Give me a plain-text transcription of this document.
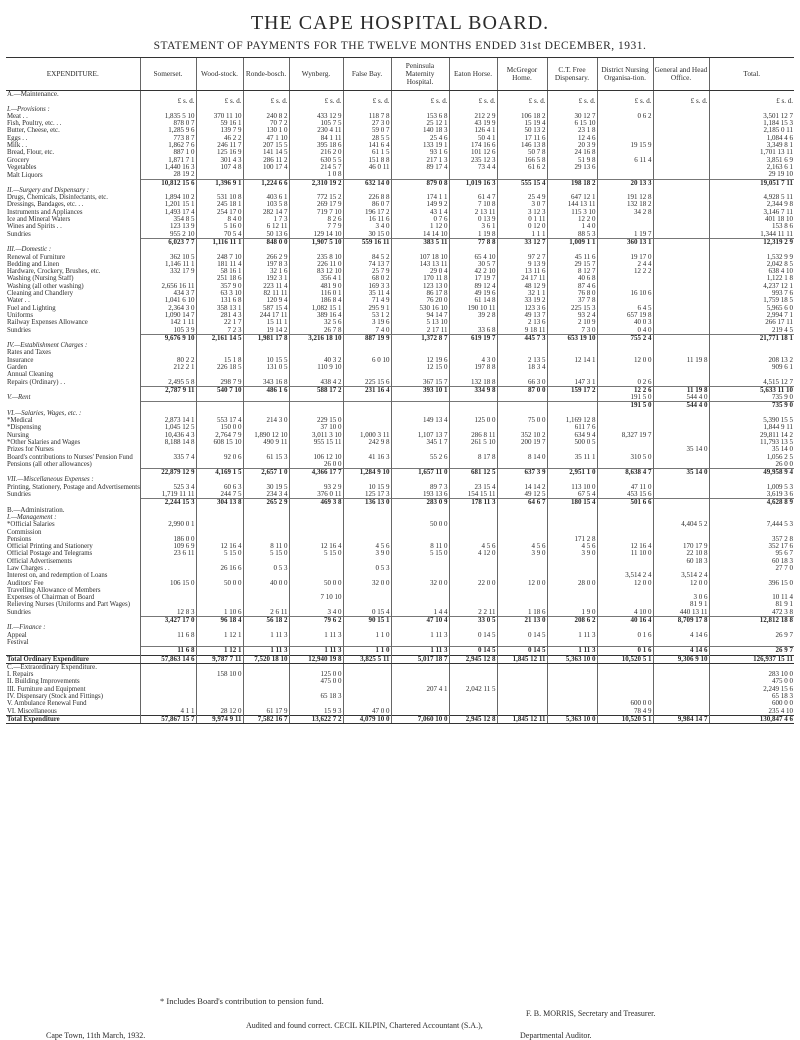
THE CAPE HOSPITAL BOARD.
STATEMENT OF PAYMENTS FOR THE TWELVE MONTHS ENDED 31st DECEMBER, 1931.
EXPENDITURE.	Somerset.	Wood-stock.	Ronde-bosch.	Wynberg.	False Bay.	Peninsula Maternity Hospital.	Eaton Horse.	McGregor Home.	C.T. Free Dispensary.	District Nursing Organisa-tion.	General and Head Office.	Total.
A.—Maintenance.												
	£ s. d.	£ s. d.	£ s. d.	£ s. d.	£ s. d.	£ s. d.	£ s. d.	£ s. d.	£ s. d.	£ s. d.	£ s. d.	£ s. d.
I.—Provisions :												
Meat . .	1,835 5 10	370 11 10	240 8 2	433 12 9	118 7 8	153 6 8	212 2 9	106 18 2	30 12 7	0 6 2		3,501 12 7
Fish, Poultry, etc. . .	878 0 7	59 16 1	70 7 2	105 7 5	27 3 0	25 12 1	43 19 9	15 19 4	6 15 10			1,184 15 3
Butter, Cheese, etc.	1,285 9 6	139 7 9	130 1 0	230 4 11	59 0 7	140 18 3	126 4 1	50 13 2	23 1 8			2,185 0 11
Eggs . .	773 8 7	46 2 2	47 1 10	84 1 11	28 5 5	25 4 6	50 4 1	17 11 6	12 4 6			1,084 4 6
Milk . .	1,862 7 6	246 11 7	207 15 5	395 18 6	141 6 4	133 19 1	174 16 6	146 13 8	20 3 9	19 15 9		3,349 8 1
Bread, Flour, etc.	887 1 0	125 16 9	141 14 5	216 2 0	61 1 5	93 1 6	101 12 6	50 7 8	24 16 8			1,701 13 11
Grocery	1,871 7 1	301 4 3	286 11 2	630 5 5	151 8 8	217 1 3	235 12 3	166 5 8	51 9 8	6 11 4		3,851 6 9
Vegetables	1,440 16 3	107 4 8	100 17 4	214 5 7	46 0 11	89 17 4	73 4 4	61 6 2	29 13 6			2,163 6 1
Malt Liquors	28 19 2			1 0 8								29 19 10
	10,812 15 6	1,396 9 1	1,224 6 6	2,310 19 2	632 14 0	879 0 8	1,019 16 3	555 15 4	198 18 2	20 13 3		19,051 7 11
II.—Surgery and Dispensary :												
Drugs, Chemicals, Disinfectants, etc.	1,894 10 2	531 10 8	403 6 1	772 15 2	226 8 8	174 1 1	61 4 7	25 4 9	647 12 1	191 12 8		4,928 5 11
Dressings, Bandages, etc. . .	1,201 15 1	245 18 1	103 5 8	269 17 9	86 0 7	149 9 2	7 10 8	3 0 7	144 13 11	132 18 2		2,344 9 8
Instruments and Appliances	1,493 17 4	254 17 0	282 14 7	719 7 10	196 17 2	43 1 4	2 13 11	3 12 3	115 3 10	34 2 8		3,146 7 11
Ice and Mineral Waters	354 8 5	8 4 0	1 7 3	8 2 6	16 11 6	0 7 6	0 13 9	0 1 11	12 2 0			401 18 10
Wines and Spirits . .	123 13 9	5 16 0	6 12 11	7 7 9	3 4 0	1 12 0	3 6 1	0 12 0	1 4 0			153 8 6
Sundries	955 2 10	70 5 4	50 13 6	129 14 10	30 15 0	14 14 10	1 19 8	1 1 1	88 5 3	1 19 7		1,344 11 11
	6,023 7 7	1,116 11 1	848 0 0	1,907 5 10	559 16 11	383 5 11	77 8 8	33 12 7	1,009 1 1	360 13 1		12,319 2 9
III.—Domestic :												
Renewal of Furniture	362 10 5	248 7 10	266 2 9	235 8 10	84 5 2	107 18 10	65 4 10	97 2 7	45 11 6	19 17 0		1,532 9 9
Bedding and Linen	1,146 11 1	181 11 4	197 8 3	226 11 0	74 13 7	143 13 11	30 5 7	9 13 9	29 15 7	2 4 4		2,042 8 5
Hardware, Crockery, Brushes, etc.	332 17 9	58 16 1	32 1 6	83 12 10	25 7 9	29 0 4	42 2 10	13 11 6	8 12 7	12 2 2		638 4 10
Washing (Nursing Staff)		251 18 6	192 3 1	356 4 1	68 0 2	170 11 8	17 19 7	24 17 11	40 6 8			1,122 1 8
Washing (all other washing)	2,656 16 11	357 9 0	223 11 4	481 9 0	169 3 3	123 13 0	89 12 4	48 12 9	87 4 6			4,237 12 1
Cleaning and Chandlery	434 3 7	63 3 10	82 11 11	116 0 1	35 11 4	86 17 8	49 19 6	32 1 1	76 8 0	16 10 6		993 7 6
Water . .	1,041 6 10	131 6 8	120 9 4	186 8 4	71 4 9	76 20 0	61 14 8	33 19 2	37 7 8			1,759 18 5
Fuel and Lighting	2,364 3 0	358 13 1	587 15 4	1,082 15 1	295 9 1	530 16 10	190 10 11	123 3 6	225 15 3	6 4 5		5,965 6 0
Uniforms	1,090 14 7	281 4 3	244 17 11	389 16 4	53 1 2	94 14 7	39 2 8	49 13 7	93 2 4	657 19 8		2,994 7 1
Railway Expenses Allowance	142 1 11	22 1 7	15 11 1	32 5 6	3 19 6	5 13 10		2 13 6	2 10 9	40 0 3		266 17 11
Sundries	105 3 9	7 2 3	19 14 2	26 7 8	7 4 0	2 17 11	33 6 8	9 18 11	7 3 0	0 4 0		219 4 5
	9,676 9 10	2,161 14 5	1,981 17 8	3,216 18 10	887 19 9	1,372 8 7	619 19 7	445 7 3	653 19 10	755 2 4		21,771 18 1
IV.—Establishment Charges :												
Rates and Taxes												
Insurance	80 2 2	15 1 8	10 15 5	40 3 2	6 0 10	12 19 6	4 3 0	2 13 5	12 14 1	12 0 0	11 19 8	208 13 2
Garden	212 2 1	226 18 5	131 0 5	110 9 10		12 15 0	197 8 8	18 3 4				909 6 1
Annual Cleaning												
Repairs (Ordinary) . .	2,495 5 8	298 7 9	343 16 8	438 4 2	225 15 6	367 15 7	132 18 8	66 3 0	147 3 1	0 2 6		4,515 12 7
	2,787 9 11	540 7 10	486 1 6	588 17 2	231 16 4	393 10 1	334 9 8	87 0 0	159 17 2	12 2 6	11 19 8	5,633 11 10
V.—Rent										191 5 0	544 4 0	735 9 0
										191 5 0	544 4 0	735 9 0
VI.—Salaries, Wages, etc. :												
*Medical	2,873 14 1	553 17 4	214 3 0	229 15 0		149 13 4	125 0 0	75 0 0	1,169 12 8			5,390 15 5
*Dispensing	1,045 12 5	150 0 0		37 10 0					611 7 6			1,844 9 11
Nursing	10,436 4 3	2,764 7 9	1,890 12 10	3,011 3 10	1,000 3 11	1,107 13 7	286 8 11	352 10 2	634 9 4	8,327 19 7		29,811 14 2
*Other Salaries and Wages	8,188 14 8	608 15 10	490 9 11	955 15 11	242 9 8	345 1 7	261 5 10	200 19 7	500 0 5			11,793 13 5
Prizes for Nurses											35 14 0	35 14 0
Board's contributions to Nurses' Pension Fund	335 7 4	92 0 6	61 15 3	106 12 10	41 16 3	55 2 6	8 17 8	8 14 0	35 11 1	310 5 0		1,056 2 5
Pensions (all other allowances)				26 0 0								26 0 0
	22,879 12 9	4,169 1 5	2,657 1 0	4,366 17 7	1,284 9 10	1,657 11 0	681 12 5	637 3 9	2,951 1 0	8,638 4 7	35 14 0	49,958 9 4
VII.—Miscellaneous Expenses :												
Printing, Stationery, Postage and Advertisements	525 3 4	60 6 3	30 19 5	93 2 9	10 15 9	89 7 3	23 15 4	14 14 2	113 10 0	47 11 0		1,009 5 3
Sundries	1,719 11 11	244 7 5	234 3 4	376 0 11	125 17 3	193 13 6	154 15 11	49 12 5	67 5 4	453 15 6		3,619 3 6
	2,244 15 3	304 13 8	265 2 9	469 3 8	136 13 0	283 0 9	178 11 3	64 6 7	180 15 4	501 6 6		4,628 8 9
B.—Administration.												
I.—Management :												
*Official Salaries	2,990 0 1					50 0 0					4,404 5 2	7,444 5 3
Commission												
Pensions	186 0 0								171 2 8			357 2 8
Official Printing and Stationery	109 6 9	12 16 4	8 11 0	12 16 4	4 5 6	8 11 0	4 5 6	4 5 6	4 5 6	12 16 4	170 17 9	352 17 6
Official Postage and Telegrams	23 6 11	5 15 0	5 15 0	5 15 0	3 9 0	5 15 0	4 12 0	3 9 0	3 9 0	11 10 0	22 10 8	95 6 7
Official Advertisements											60 18 3	60 18 3
Law Charges . .		26 16 6	0 5 3		0 5 3							27 7 0
Interest on, and redemption of Loans										3,514 2 4	3,514 2 4	
Auditors' Fee	106 15 0	50 0 0	40 0 0	50 0 0	32 0 0	32 0 0	22 0 0	12 0 0	28 0 0	12 0 0	12 0 0	396 15 0
Travelling Allowance of Members												
Expenses of Chairman of Board				7 10 10							3 0 6	10 11 4
Relieving Nurses (Uniforms and Part Wages)											81 9 1	81 9 1
Sundries	12 8 3	1 10 6	2 6 11	3 4 0	0 15 4	1 4 4	2 2 11	1 18 6	1 9 0	4 10 0	440 13 11	472 3 8
	3,427 17 0	96 18 4	56 18 2	79 6 2	90 15 1	47 10 4	33 0 5	21 13 0	208 6 2	40 16 4	8,709 17 8	12,812 18 8
II.—Finance :												
Appeal	11 6 8	1 12 1	1 11 3	1 11 3	1 1 0	1 11 3	0 14 5	0 14 5	1 11 3	0 1 6	4 14 6	26 9 7
Festival												
	11 6 8	1 12 1	1 11 3	1 11 3	1 1 0	1 11 3	0 14 5	0 14 5	1 11 3	0 1 6	4 14 6	26 9 7
Total Ordinary Expenditure	57,863 14 6	9,787 7 11	7,520 18 10	12,940 19 8	3,825 5 11	5,017 18 7	2,945 12 8	1,845 12 11	5,363 10 0	10,520 5 1	9,306 9 10	126,937 15 11
C.—Extraordinary Expenditure.												
I. Repairs		158 10 0		125 0 0								283 10 0
II. Building Improvements				475 0 0								475 0 0
III. Furniture and Equipment						207 4 1	2,042 11 5					2,249 15 6
IV. Dispensary (Stock and Fittings)				65 18 3								65 18 3
V. Ambulance Renewal Fund										600 0 0		600 0 0
VI. Miscellaneous	4 1 1	28 12 0	61 17 9	15 9 3	47 0 0					78 4 9		235 4 10
Total Expenditure	57,867 15 7	9,974 9 11	7,582 16 7	13,622 7 2	4,079 10 0	7,060 10 0	2,945 12 8	1,845 12 11	5,363 10 0	10,520 5 1	9,984 14 7	130,847 4 6
* Includes Board's contribution to pension fund.
F. B. MORRIS, Secretary and Treasurer.
Audited and found correct. CECIL KILPIN, Chartered Accountant (S.A.),
Cape Town, 11th March, 1932.	Departmental Auditor.
